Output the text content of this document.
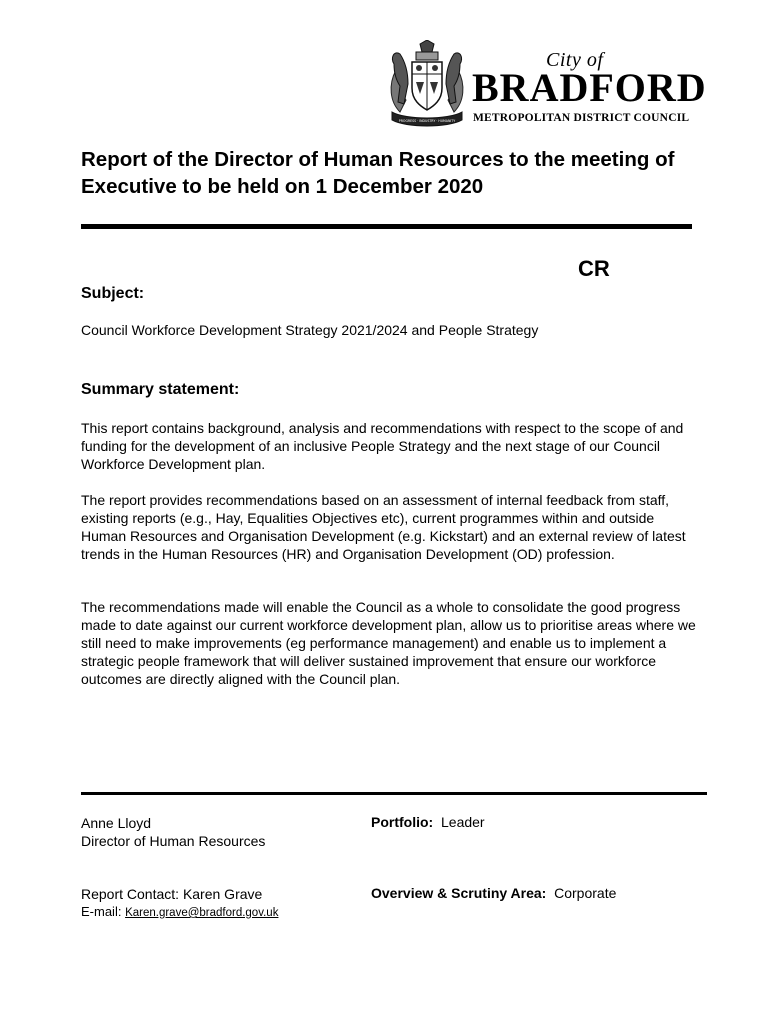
PROGRESS · INDUSTRY · HUMANITY
City of
BRADFORD
METROPOLITAN DISTRICT COUNCIL
Report of the Director of Human Resources to the meeting of Executive to be held on 1 December 2020
CR
Subject:
Council Workforce Development Strategy 2021/2024 and People Strategy
Summary statement:

This report contains background, analysis and recommendations with respect to the scope of and funding for the development of an inclusive People Strategy and the next stage of our Council Workforce Development plan.

The report provides recommendations based on an assessment of internal feedback from staff, existing reports (e.g., Hay, Equalities Objectives etc), current programmes within and outside Human Resources and Organisation Development (e.g. Kickstart) and an external review of latest trends in the Human Resources (HR) and Organisation Development (OD) profession.

The recommendations made will enable the Council as a whole to consolidate the good progress made to date against our current workforce development plan, allow us to prioritise areas where we still need to make improvements (eg performance management) and enable us to implement a strategic people framework that will deliver sustained improvement that ensure our workforce outcomes are directly aligned with the Council plan.

Anne Lloyd
Director of Human Resources
Report Contact: Karen Grave
E-mail: Karen.grave@bradford.gov.uk
Portfolio: Leader
Overview & Scrutiny Area: Corporate
